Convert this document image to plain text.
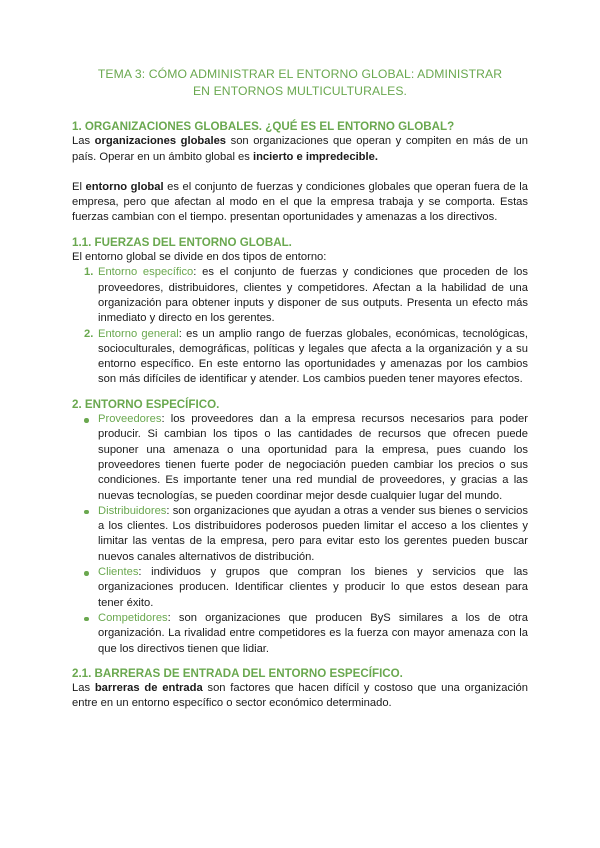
TEMA 3: CÓMO ADMINISTRAR EL ENTORNO GLOBAL: ADMINISTRAR EN ENTORNOS MULTICULTURALES.
1. ORGANIZACIONES GLOBALES. ¿QUÉ ES EL ENTORNO GLOBAL?

Las organizaciones globales son organizaciones que operan y compiten en más de un país. Operar en un ámbito global es incierto e impredecible.

El entorno global es el conjunto de fuerzas y condiciones globales que operan fuera de la empresa, pero que afectan al modo en el que la empresa trabaja y se comporta. Estas fuerzas cambian con el tiempo. presentan oportunidades y amenazas a los directivos.

1.1. FUERZAS DEL ENTORNO GLOBAL.

El entorno global se divide en dos tipos de entorno:

1. Entorno específico: es el conjunto de fuerzas y condiciones que proceden de los proveedores, distribuidores, clientes y competidores. Afectan a la habilidad de una organización para obtener inputs y disponer de sus outputs. Presenta un efecto más inmediato y directo en los gerentes.
2. Entorno general: es un amplio rango de fuerzas globales, económicas, tecnológicas, socioculturales, demográficas, políticas y legales que afecta a la organización y a su entorno específico. En este entorno las oportunidades y amenazas por los cambios son más difíciles de identificar y atender. Los cambios pueden tener mayores efectos.
2. ENTORNO ESPECÍFICO.
Proveedores: los proveedores dan a la empresa recursos necesarios para poder producir. Si cambian los tipos o las cantidades de recursos que ofrecen puede suponer una amenaza o una oportunidad para la empresa, pues cuando los proveedores tienen fuerte poder de negociación pueden cambiar los precios o sus condiciones. Es importante tener una red mundial de proveedores, y gracias a las nuevas tecnologías, se pueden coordinar mejor desde cualquier lugar del mundo.
Distribuidores: son organizaciones que ayudan a otras a vender sus bienes o servicios a los clientes. Los distribuidores poderosos pueden limitar el acceso a los clientes y limitar las ventas de la empresa, pero para evitar esto los gerentes pueden buscar nuevos canales alternativos de distribución.
Clientes: individuos y grupos que compran los bienes y servicios que las organizaciones producen. Identificar clientes y producir lo que estos desean para tener éxito.
Competidores: son organizaciones que producen ByS similares a los de otra organización. La rivalidad entre competidores es la fuerza con mayor amenaza con la que los directivos tienen que lidiar.
2.1. BARRERAS DE ENTRADA DEL ENTORNO ESPECÍFICO.

Las barreras de entrada son factores que hacen difícil y costoso que una organización entre en un entorno específico o sector económico determinado.
